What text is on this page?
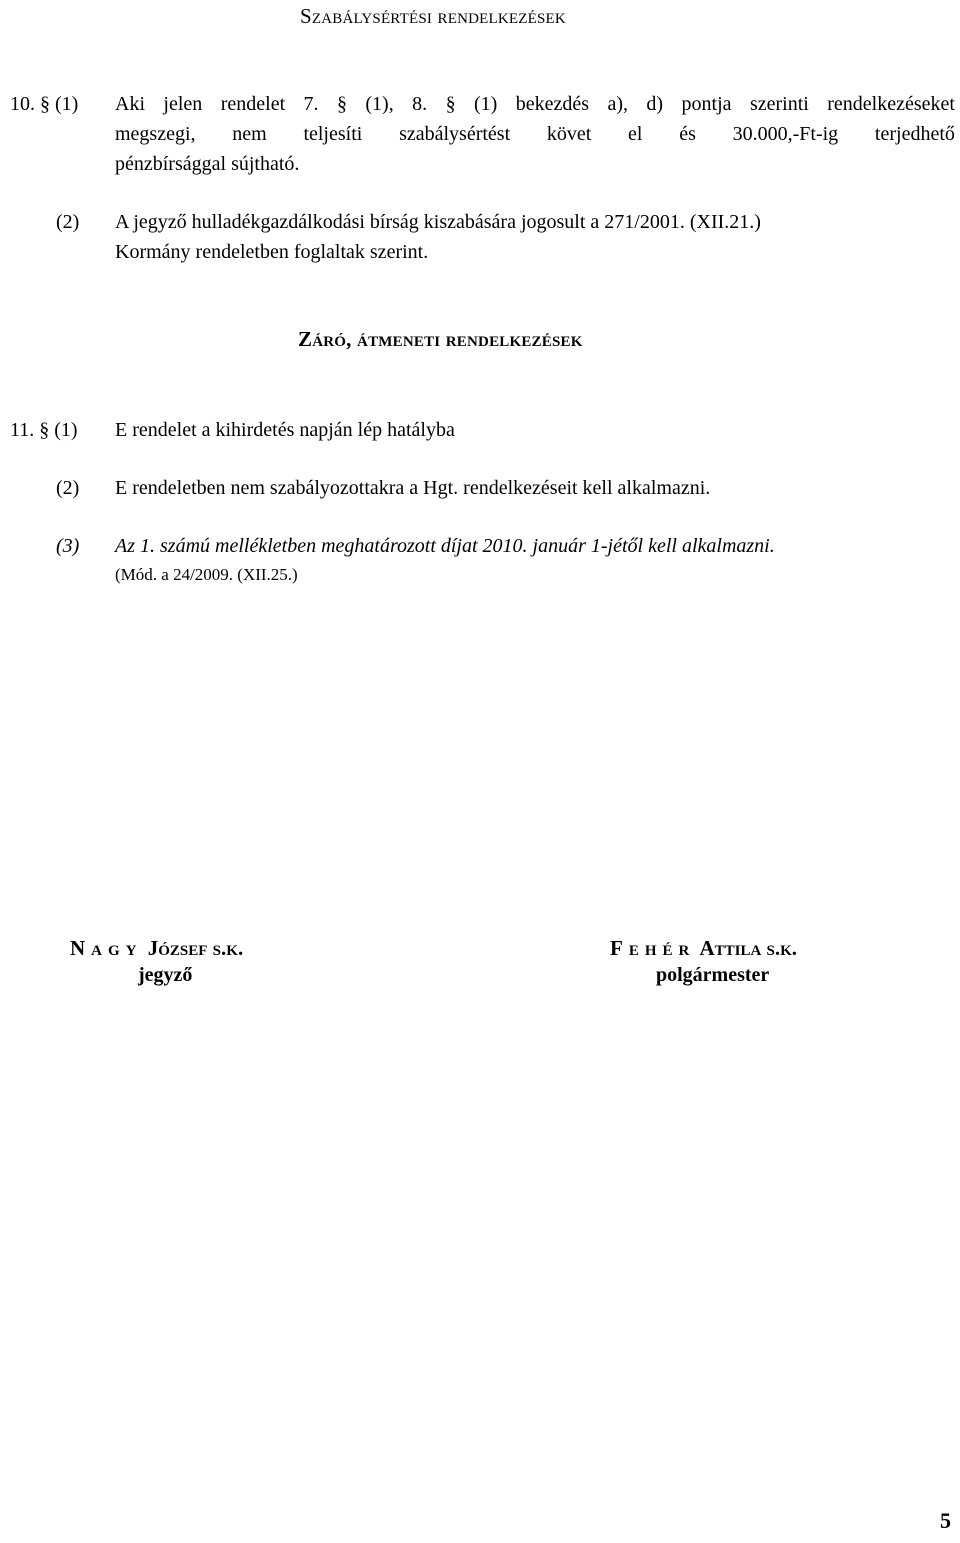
Szabálysértési rendelkezések
10. § (1) Aki jelen rendelet 7. § (1), 8. § (1) bekezdés a), d) pontja szerinti rendelkezéseket
megszegi, nem teljesíti szabálysértést követ el és 30.000,-Ft-ig terjedhető
pénzbírsággal sújtható.
(2) A jegyző hulladékgazdálkodási bírság kiszabására jogosult a 271/2001. (XII.21.)
Kormány rendeletben foglaltak szerint.
Záró, átmeneti rendelkezések
11. § (1) E rendelet a kihirdetés napján lép hatályba
(2) E rendeletben nem szabályozottakra a Hgt. rendelkezéseit kell alkalmazni.
(3) Az 1. számú mellékletben meghatározott díjat 2010. január 1-jétől kell alkalmazni.
(Mód. a 24/2009. (XII.25.)
Nagy József s.k.
jegyző
Fehér Attila s.k.
polgármester
5
